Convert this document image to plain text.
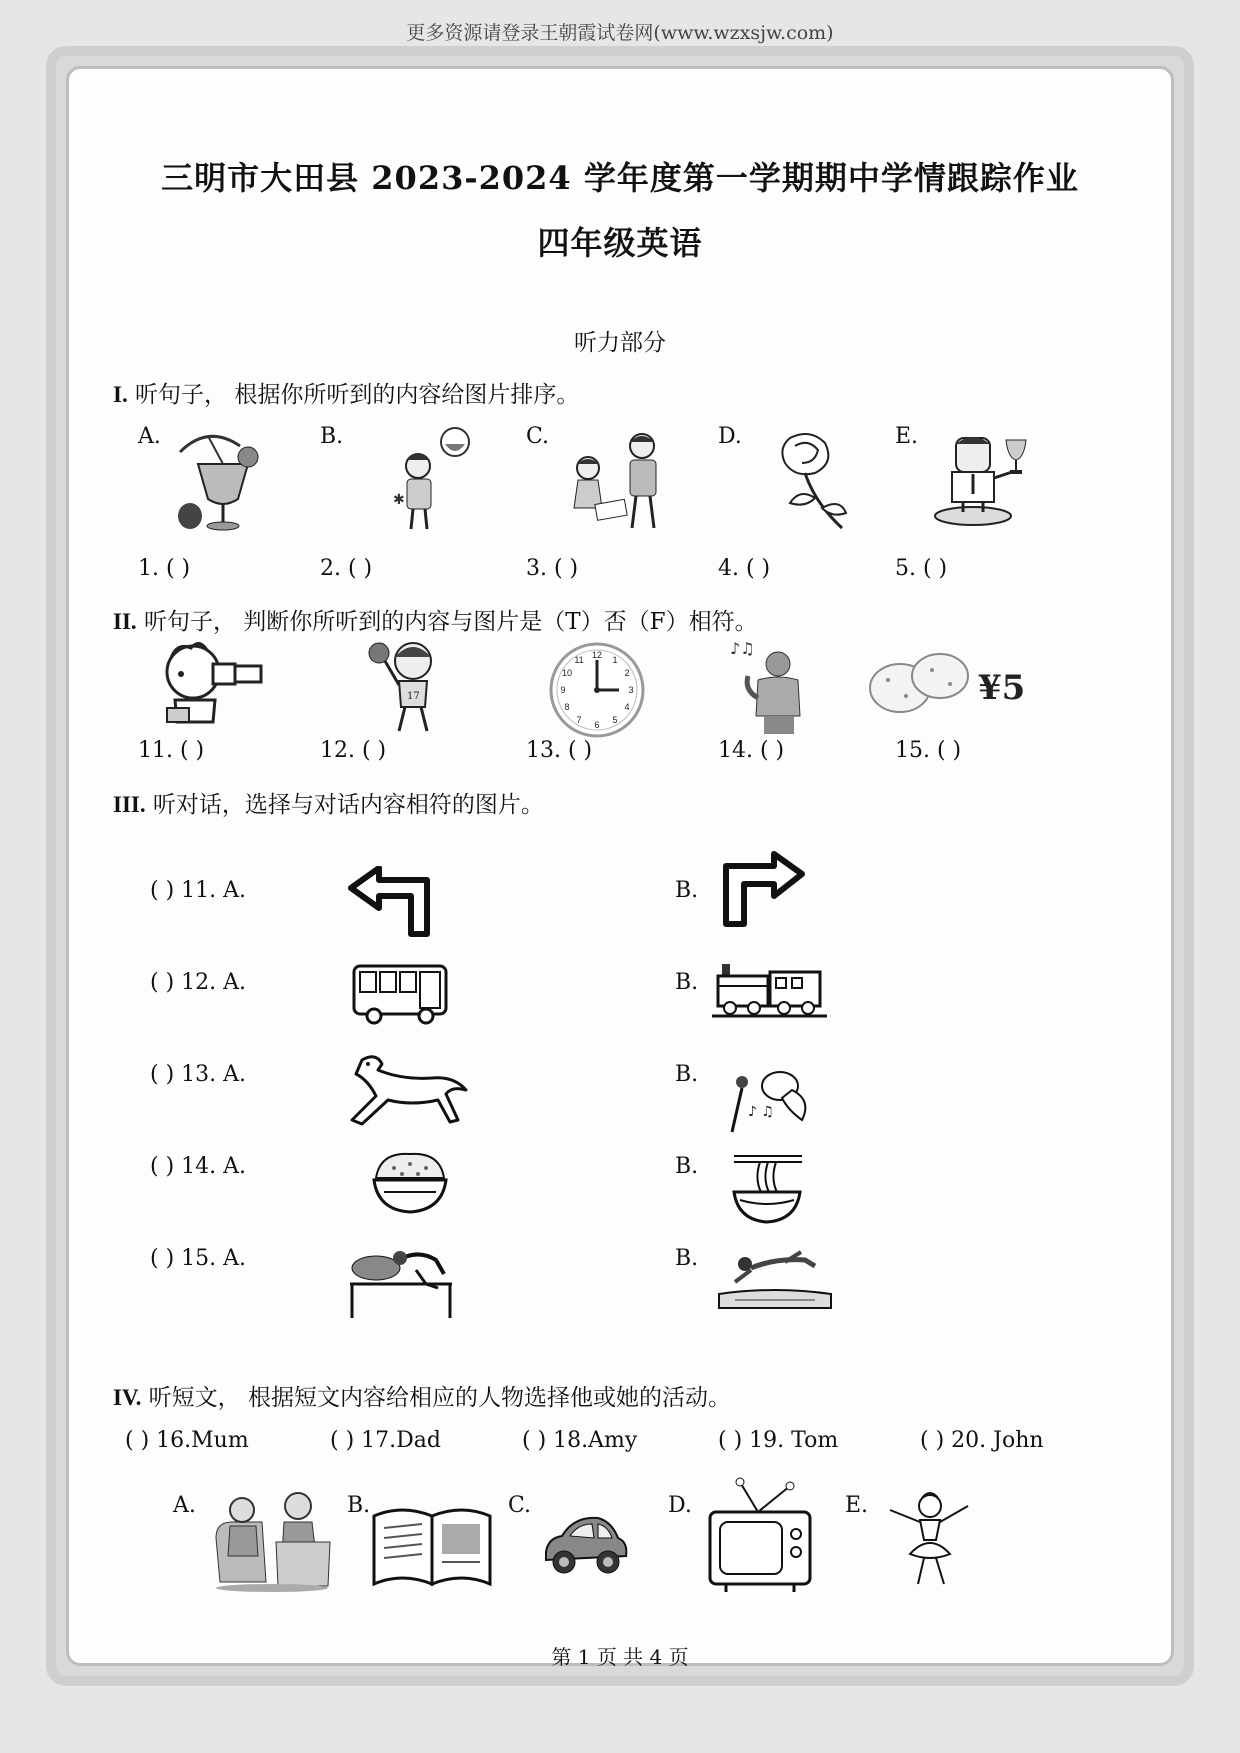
更多资源请登录王朝霞试卷网(www.wzxsjw.com)
三明市大田县 2023-2024 学年度第一学期期中学情跟踪作业
四年级英语
听力部分
I. 听句子， 根据你所听到的内容给图片排序。
A.	B.	C.	D.	E.
✱
1. ( )	2. ( )	3. ( )	4. ( )	5. ( )
II. 听句子， 判断你所听到的内容与图片是（T）否（F）相符。
17
12 1
2
3
4
5
6
7
8
9
10
11
♪♫
¥5
11. ( )	12. ( )	13. ( )	14. ( )	15. ( )
III. 听对话，选择与对话内容相符的图片。
( ) 11. A.	B.
( ) 12. A.	B.
( ) 13. A.	B.
♪ ♫
( ) 14. A.	B.
( ) 15. A.	B.
IV. 听短文， 根据短文内容给相应的人物选择他或她的活动。
( ) 16.Mum	( ) 17.Dad	( ) 18.Amy	( ) 19. Tom	( ) 20. John
A.	B.	C.	D.	E.
第 1 页 共 4 页
